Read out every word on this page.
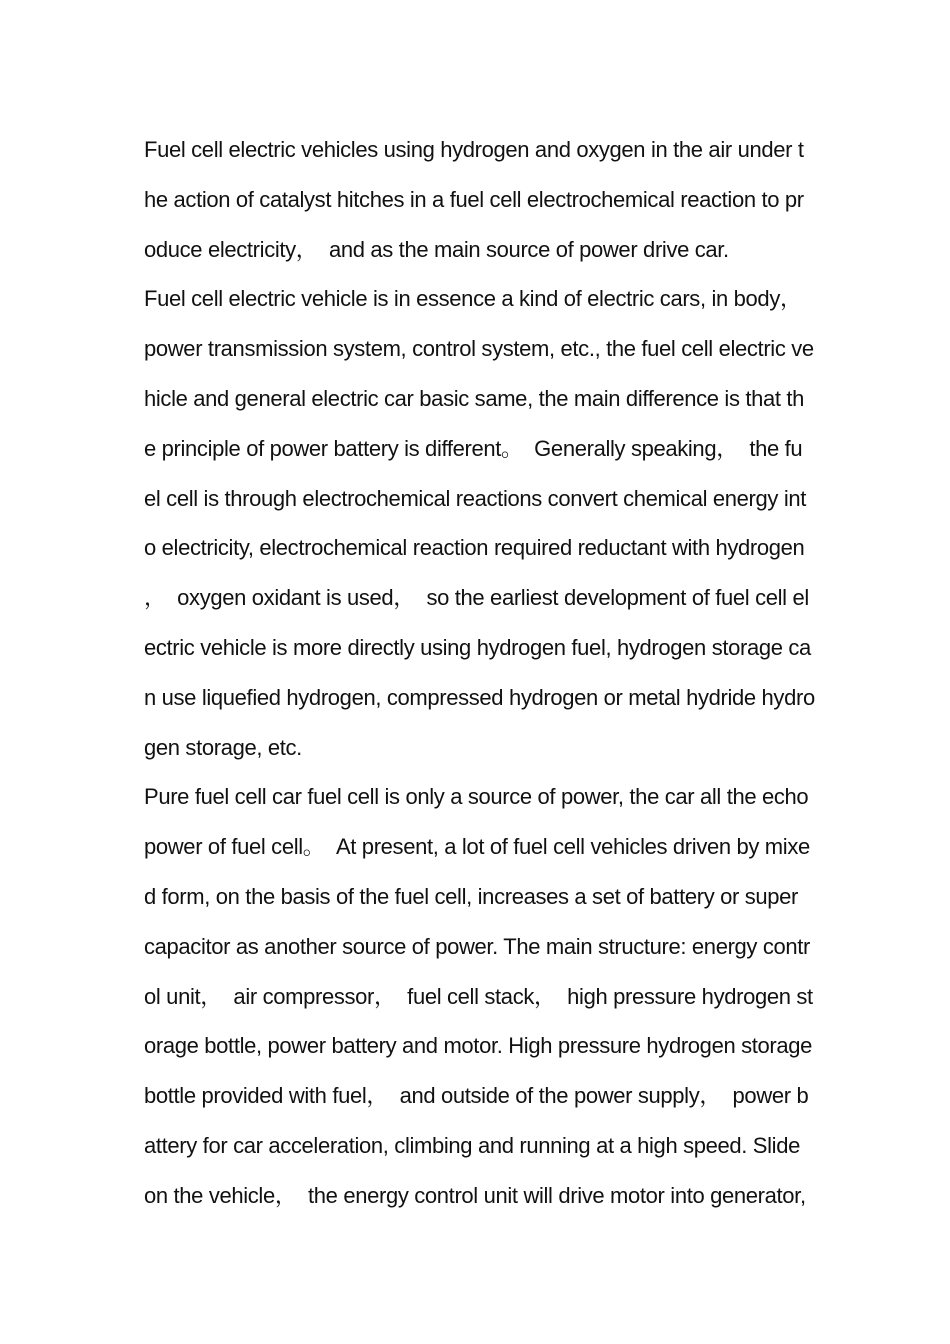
Fuel cell electric vehicles using hydrogen and oxygen in the air under t
he action of catalyst hitches in a fuel cell electrochemical reaction to pr
oduce electricity，  and as the main source of power drive car.
Fuel cell electric vehicle is in essence a kind of electric cars, in body，
power transmission system, control system, etc., the fuel cell electric ve
hicle and general electric car basic same, the main difference is that th
e principle of power battery is different。  Generally speaking，  the fu
el cell is through electrochemical reactions convert chemical energy int
o electricity, electrochemical reaction required reductant with hydrogen
，  oxygen oxidant is used，  so the earliest development of fuel cell el
ectric vehicle is more directly using hydrogen fuel, hydrogen storage ca
n use liquefied hydrogen, compressed hydrogen or metal hydride hydro
gen storage, etc.
Pure fuel cell car fuel cell is only a source of power, the car all the echo
power of fuel cell。  At present, a lot of fuel cell vehicles driven by mixe
d form, on the basis of the fuel cell, increases a set of battery or super
capacitor as another source of power. The main structure: energy contr
ol unit，  air compressor，  fuel cell stack，  high pressure hydrogen st
orage bottle, power battery and motor. High pressure hydrogen storage
bottle provided with fuel，  and outside of the power supply，  power b
attery for car acceleration, climbing and running at a high speed. Slide
on the vehicle，  the energy control unit will drive motor into generator,
